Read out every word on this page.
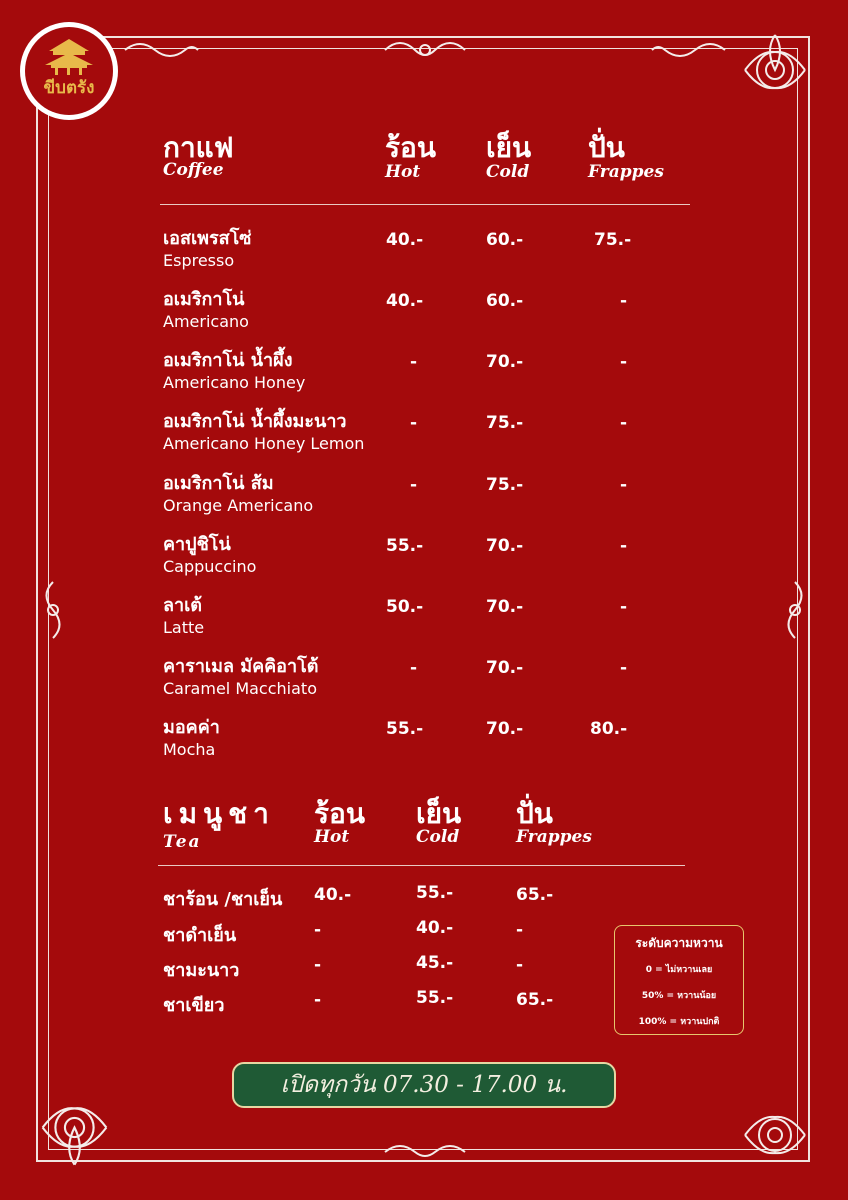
ขีบตรัง
กาแฟ
Coffee
ร้อน
Hot
เย็น
Cold
ปั่น
Frappes
เอสเพรสโซ่
Espresso
40.-	60.-	75.-
อเมริกาโน่
Americano
40.-	60.-	-
อเมริกาโน่ น้ำผึ้ง
Americano Honey
-	70.-	-
อเมริกาโน่ น้ำผึ้งมะนาว
Americano Honey Lemon
-	75.-	-
อเมริกาโน่ ส้ม
Orange Americano
-	75.-	-
คาปูชิโน่
Cappuccino
55.-	70.-	-
ลาเต้
Latte
50.-	70.-	-
คาราเมล มัคคิอาโต้
Caramel Macchiato
-	70.-	-
มอคค่า
Mocha
55.-	70.-	80.-
เมนูชา
Tea
ร้อน
Hot
เย็น
Cold
ปั่น
Frappes
ชาร้อน /ชาเย็น 40.-	55.-	65.-
ชาดำเย็น	-	40.-	-
ชามะนาว	-	45.-	-
ชาเขียว	-	55.-	65.-
ระดับความหวาน
0 = ไม่หวานเลย
50% = หวานน้อย
100% = หวานปกติ
เปิดทุกวัน 07.30 - 17.00 น.
